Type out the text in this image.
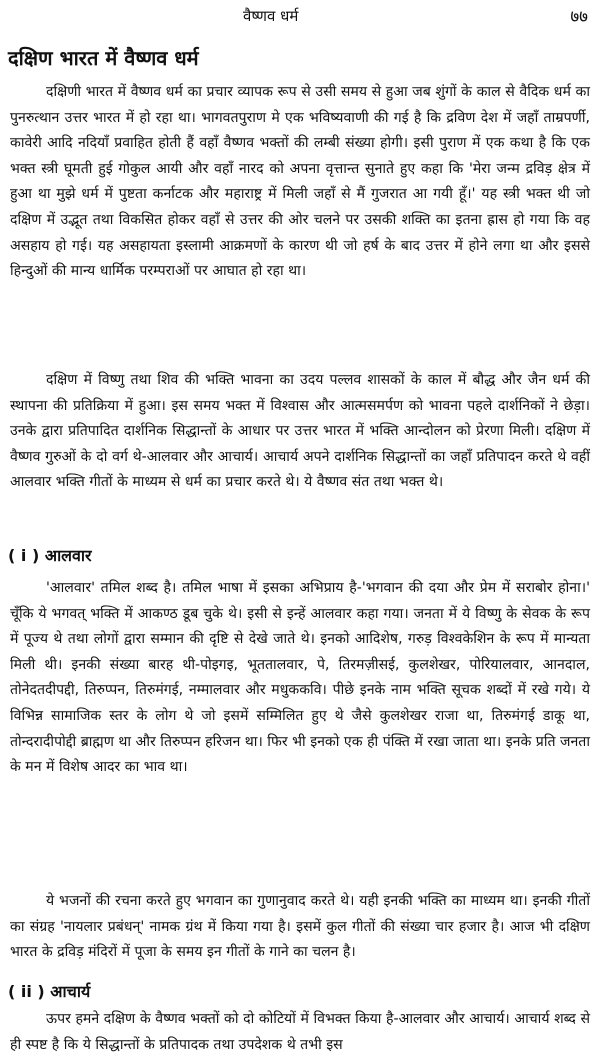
वैष्णव धर्म	७७
दक्षिण भारत में वैष्णव धर्म

दक्षिणी भारत में वैष्णव धर्म का प्रचार व्यापक रूप से उसी समय से हुआ जब शुंगों के काल से वैदिक धर्म का पुनरुत्थान उत्तर भारत में हो रहा था। भागवतपुराण मे एक भविष्यवाणी की गई है कि द्रविण देश में जहाँ ताम्रपर्णी, कावेरी आदि नदियाँ प्रवाहित होती हैं वहाँ वैष्णव भक्तों की लम्बी संख्या होगी। इसी पुराण में एक कथा है कि एक भक्त स्त्री घूमती हुई गोकुल आयी और वहाँ नारद को अपना वृत्तान्त सुनाते हुए कहा कि 'मेरा जन्म द्रविड़ क्षेत्र में हुआ था मुझे धर्म में पुष्टता कर्नाटक और महाराष्ट्र में मिली जहाँ से मैं गुजरात आ गयी हूँ।' यह स्त्री भक्त थी जो दक्षिण में उद्भूत तथा विकसित होकर वहाँ से उत्तर की ओर चलने पर उसकी शक्ति का इतना ह्रास हो गया कि वह असहाय हो गई। यह असहायता इस्लामी आक्रमणों के कारण थी जो हर्ष के बाद उत्तर में होने लगा था और इससे हिन्दुओं की मान्य धार्मिक परम्पराओं पर आघात हो रहा था।

दक्षिण में विष्णु तथा शिव की भक्ति भावना का उदय पल्लव शासकों के काल में बौद्ध और जैन धर्म की स्थापना की प्रतिक्रिया में हुआ। इस समय भक्त में विश्वास और आत्मसमर्पण को भावना पहले दार्शनिकों ने छेड़ा। उनके द्वारा प्रतिपादित दार्शनिक सिद्धान्तों के आधार पर उत्तर भारत में भक्ति आन्दोलन को प्रेरणा मिली। दक्षिण में वैष्णव गुरुओं के दो वर्ग थे-आलवार और आचार्य। आचार्य अपने दार्शनिक सिद्धान्तों का जहाँ प्रतिपादन करते थे वहीं आलवार भक्ति गीतों के माध्यम से धर्म का प्रचार करते थे। ये वैष्णव संत तथा भक्त थे।

( i ) आलवार

'आलवार' तमिल शब्द है। तमिल भाषा में इसका अभिप्राय है-'भगवान की दया और प्रेम में सराबोर होना।' चूँकि ये भगवत् भक्ति में आकण्ठ डूब चुके थे। इसी से इन्हें आलवार कहा गया। जनता में ये विष्णु के सेवक के रूप में पूज्य थे तथा लोगों द्वारा सम्मान की दृष्टि से देखे जाते थे। इनको आदिशेष, गरुड़ विश्वकेशिन के रूप में मान्यता मिली थी। इनकी संख्या बारह थी-पोइगइ, भूततालवार, पे, तिरमज़ीसई, कुलशेखर, पोरियालवार, आनदाल, तोनेदतदीपद्दी, तिरुप्पन, तिरुमंगई, नम्मालवार और मधुककवि। पीछे इनके नाम भक्ति सूचक शब्दों में रखे गये। ये विभिन्न सामाजिक स्तर के लोग थे जो इसमें सम्मिलित हुए थे जैसे कुलशेखर राजा था, तिरुमंगई डाकू था, तोन्दरादीपोद्दी ब्राह्मण था और तिरुप्पन हरिजन था। फिर भी इनको एक ही पंक्ति में रखा जाता था। इनके प्रति जनता के मन में विशेष आदर का भाव था।

ये भजनों की रचना करते हुए भगवान का गुणानुवाद करते थे। यही इनकी भक्ति का माध्यम था। इनकी गीतों का संग्रह 'नायलार प्रबंधन्' नामक ग्रंथ में किया गया है। इसमें कुल गीतों की संख्या चार हजार है। आज भी दक्षिण भारत के द्रविड़ मंदिरों में पूजा के समय इन गीतों के गाने का चलन है।

( ii ) आचार्य

ऊपर हमने दक्षिण के वैष्णव भक्तों को दो कोटियों में विभक्त किया है-आलवार और आचार्य। आचार्य शब्द से ही स्पष्ट है कि ये सिद्धान्तों के प्रतिपादक तथा उपदेशक थे तभी इस
